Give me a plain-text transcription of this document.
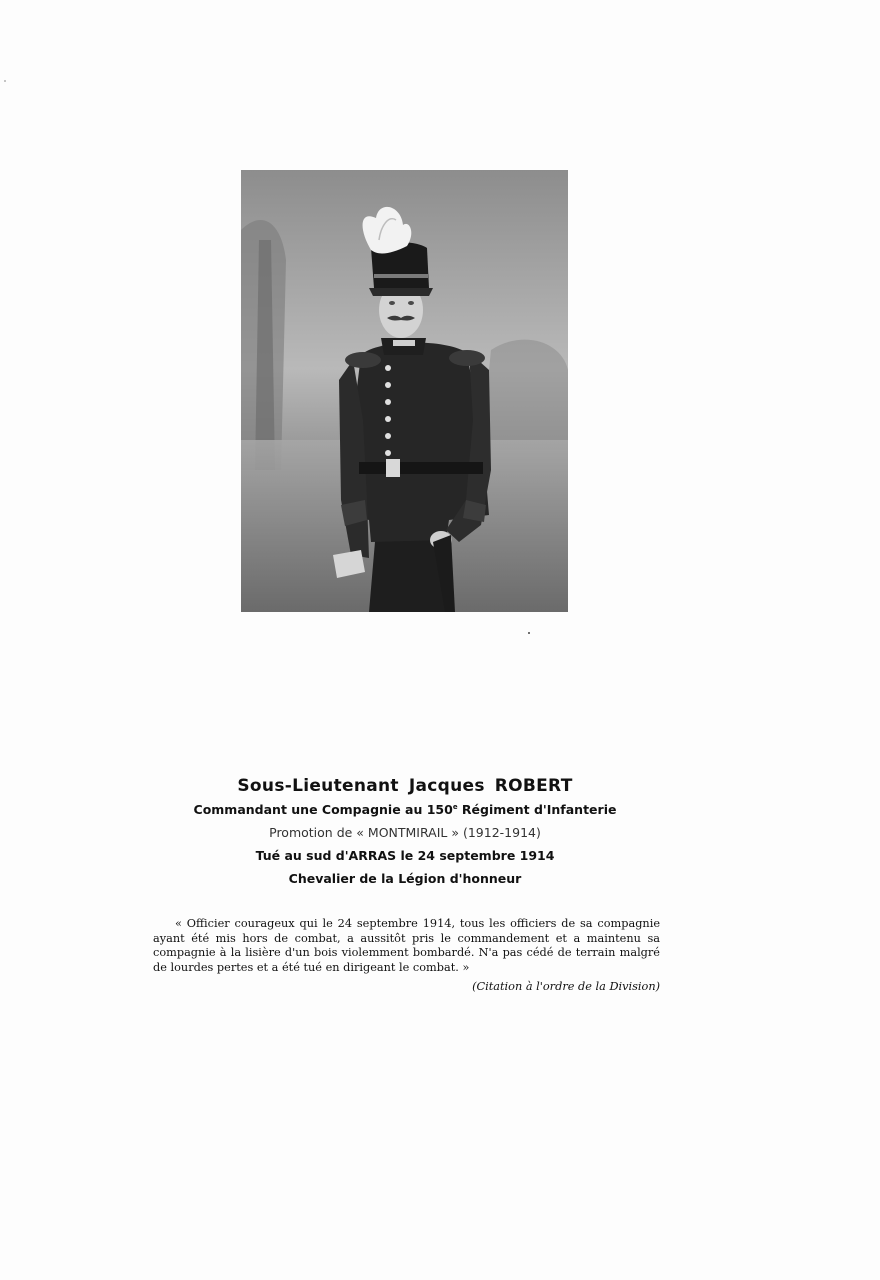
Sous-Lieutenant Jacques ROBERT
Commandant une Compagnie au 150e Régiment d'Infanterie
Promotion de « MONTMIRAIL » (1912-1914)
Tué au sud d'ARRAS le 24 septembre 1914
Chevalier de la Légion d'honneur
« Officier courageux qui le 24 septembre 1914, tous les officiers de sa compagnie ayant été mis hors de combat, a aussitôt pris le commandement et a maintenu sa compagnie à la lisière d'un bois violemment bombardé. N'a pas cédé de terrain malgré de lourdes pertes et a été tué en dirigeant le combat. »
(Citation à l'ordre de la Division)
